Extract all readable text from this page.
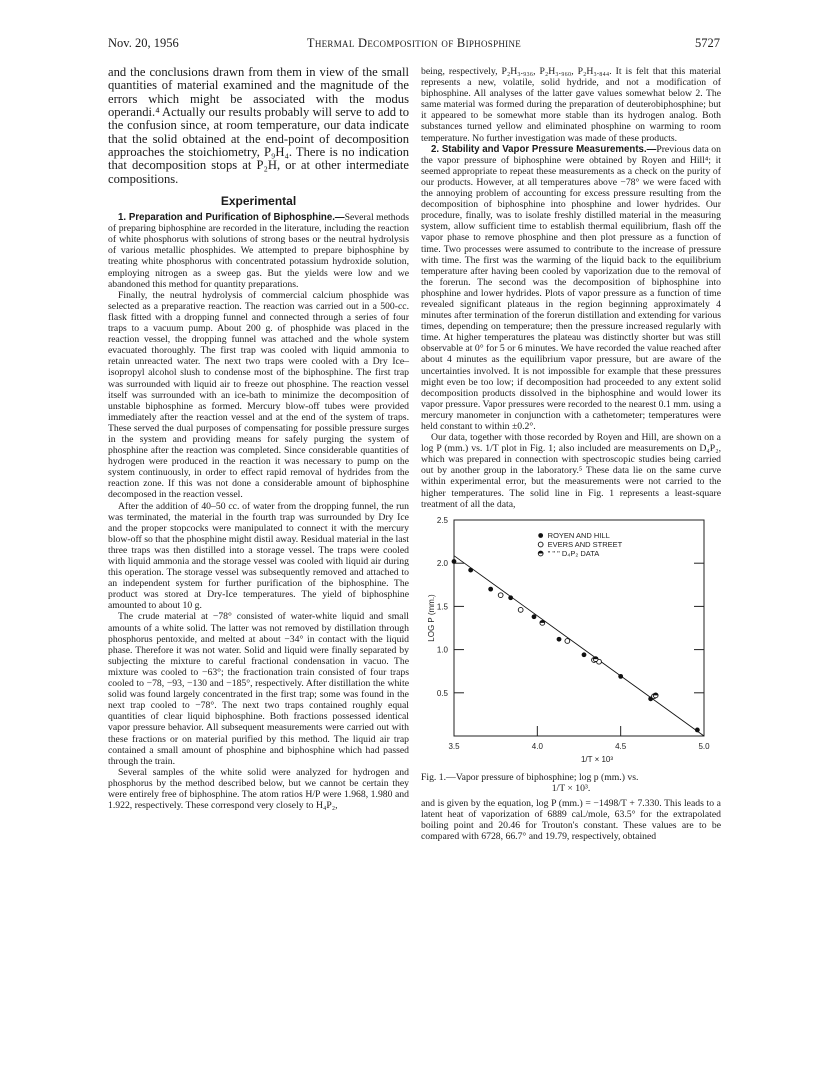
Nov. 20, 1956	Thermal Decomposition of Biphosphine	5727

and the conclusions drawn from them in view of the small quantities of material examined and the magnitude of the errors which might be associated with the modus operandi.⁴ Actually our results probably will serve to add to the confusion since, at room temperature, our data indicate that the solid obtained at the end-point of decomposition approaches the stoichiometry, P₉H₄. There is no indication that decomposition stops at P₂H, or at other intermediate compositions.

Experimental

1. Preparation and Purification of Biphosphine.—Several methods of preparing biphosphine are recorded in the literature, including the reaction of white phosphorus with solutions of strong bases or the neutral hydrolysis of various metallic phosphides. We attempted to prepare biphosphine by treating white phosphorus with concentrated potassium hydroxide solution, employing nitrogen as a sweep gas. But the yields were low and we abandoned this method for quantity preparations.

Finally, the neutral hydrolysis of commercial calcium phosphide was selected as a preparative reaction. The reaction was carried out in a 500-cc. flask fitted with a dropping funnel and connected through a series of four traps to a vacuum pump. About 200 g. of phosphide was placed in the reaction vessel, the dropping funnel was attached and the whole system evacuated thoroughly. The first trap was cooled with liquid ammonia to retain unreacted water. The next two traps were cooled with a Dry Ice–isopropyl alcohol slush to condense most of the biphosphine. The first trap was surrounded with liquid air to freeze out phosphine. The reaction vessel itself was surrounded with an ice-bath to minimize the decomposition of unstable biphosphine as formed. Mercury blow-off tubes were provided immediately after the reaction vessel and at the end of the system of traps. These served the dual purposes of compensating for possible pressure surges in the system and providing means for safely purging the system of phosphine after the reaction was completed. Since considerable quantities of hydrogen were produced in the reaction it was necessary to pump on the system continuously, in order to effect rapid removal of hydrides from the reaction zone. If this was not done a considerable amount of biphosphine decomposed in the reaction vessel.

After the addition of 40–50 cc. of water from the dropping funnel, the run was terminated, the material in the fourth trap was surrounded by Dry Ice and the proper stopcocks were manipulated to connect it with the mercury blow-off so that the phosphine might distil away. Residual material in the last three traps was then distilled into a storage vessel. The traps were cooled with liquid ammonia and the storage vessel was cooled with liquid air during this operation. The storage vessel was subsequently removed and attached to an independent system for further purification of the biphosphine. The product was stored at Dry-Ice temperatures. The yield of biphosphine amounted to about 10 g.

The crude material at −78° consisted of water-white liquid and small amounts of a white solid. The latter was not removed by distillation through phosphorus pentoxide, and melted at about −34° in contact with the liquid phase. Therefore it was not water. Solid and liquid were finally separated by subjecting the mixture to careful fractional condensation in vacuo. The mixture was cooled to −63°; the fractionation train consisted of four traps cooled to −78, −93, −130 and −185°, respectively. After distillation the white solid was found largely concentrated in the first trap; some was found in the next trap cooled to −78°. The next two traps contained roughly equal quantities of clear liquid biphosphine. Both fractions possessed identical vapor pressure behavior. All subsequent measurements were carried out with these fractions or on material purified by this method. The liquid air trap contained a small amount of phosphine and biphosphine which had passed through the train.

Several samples of the white solid were analyzed for hydrogen and phosphorus by the method described below, but we cannot be certain they were entirely free of biphosphine. The atom ratios H/P were 1.968, 1.980 and 1.922, respectively. These correspond very closely to H₄P₂,

being, respectively, P₂H₃.₉₃₆, P₂H₃.₉₆₀, P₂H₃.₈₄₄. It is felt that this material represents a new, volatile, solid hydride, and not a modification of biphosphine. All analyses of the latter gave values somewhat below 2. The same material was formed during the preparation of deuterobiphosphine; but it appeared to be somewhat more stable than its hydrogen analog. Both substances turned yellow and eliminated phosphine on warming to room temperature. No further investigation was made of these products.

2. Stability and Vapor Pressure Measurements.—Previous data on the vapor pressure of biphosphine were obtained by Royen and Hill⁴; it seemed appropriate to repeat these measurements as a check on the purity of our products. However, at all temperatures above −78° we were faced with the annoying problem of accounting for excess pressure resulting from the decomposition of biphosphine into phosphine and lower hydrides. Our procedure, finally, was to isolate freshly distilled material in the measuring system, allow sufficient time to establish thermal equilibrium, flash off the vapor phase to remove phosphine and then plot pressure as a function of time. Two processes were assumed to contribute to the increase of pressure with time. The first was the warming of the liquid back to the equilibrium temperature after having been cooled by vaporization due to the removal of the forerun. The second was the decomposition of biphosphine into phosphine and lower hydrides. Plots of vapor pressure as a function of time revealed significant plateaus in the region beginning approximately 4 minutes after termination of the forerun distillation and extending for various times, depending on temperature; then the pressure increased regularly with time. At higher temperatures the plateau was distinctly shorter but was still observable at 0° for 5 or 6 minutes. We have recorded the value reached after about 4 minutes as the equilibrium vapor pressure, but are aware of the uncertainties involved. It is not impossible for example that these pressures might even be too low; if decomposition had proceeded to any extent solid decomposition products dissolved in the biphosphine and would lower its vapor pressure. Vapor pressures were recorded to the nearest 0.1 mm. using a mercury manometer in conjunction with a cathetometer; temperatures were held constant to within ±0.2°.

Our data, together with those recorded by Royen and Hill, are shown on a log P (mm.) vs. 1/T plot in Fig. 1; also included are measurements on D₄P₂, which was prepared in connection with spectroscopic studies being carried out by another group in the laboratory.⁵ These data lie on the same curve within experimental error, but the measurements were not carried to the higher temperatures. The solid line in Fig. 1 represents a least-square treatment of all the data,

0.5
1.0
1.5
2.0
2.5
3.5	4.0	4.5	5.0
1/T × 10³
LOG P (mm.)
ROYEN AND HILL
EVERS AND STREET
" " " D₄P₂ DATA
Fig. 1.—Vapor pressure of biphosphine; log p (mm.) vs.
1/T × 10³.

and is given by the equation, log P (mm.) = −1498/T + 7.330. This leads to a latent heat of vaporization of 6889 cal./mole, 63.5° for the extrapolated boiling point and 20.46 for Trouton's constant. These values are to be compared with 6728, 66.7° and 19.79, respectively, obtained
